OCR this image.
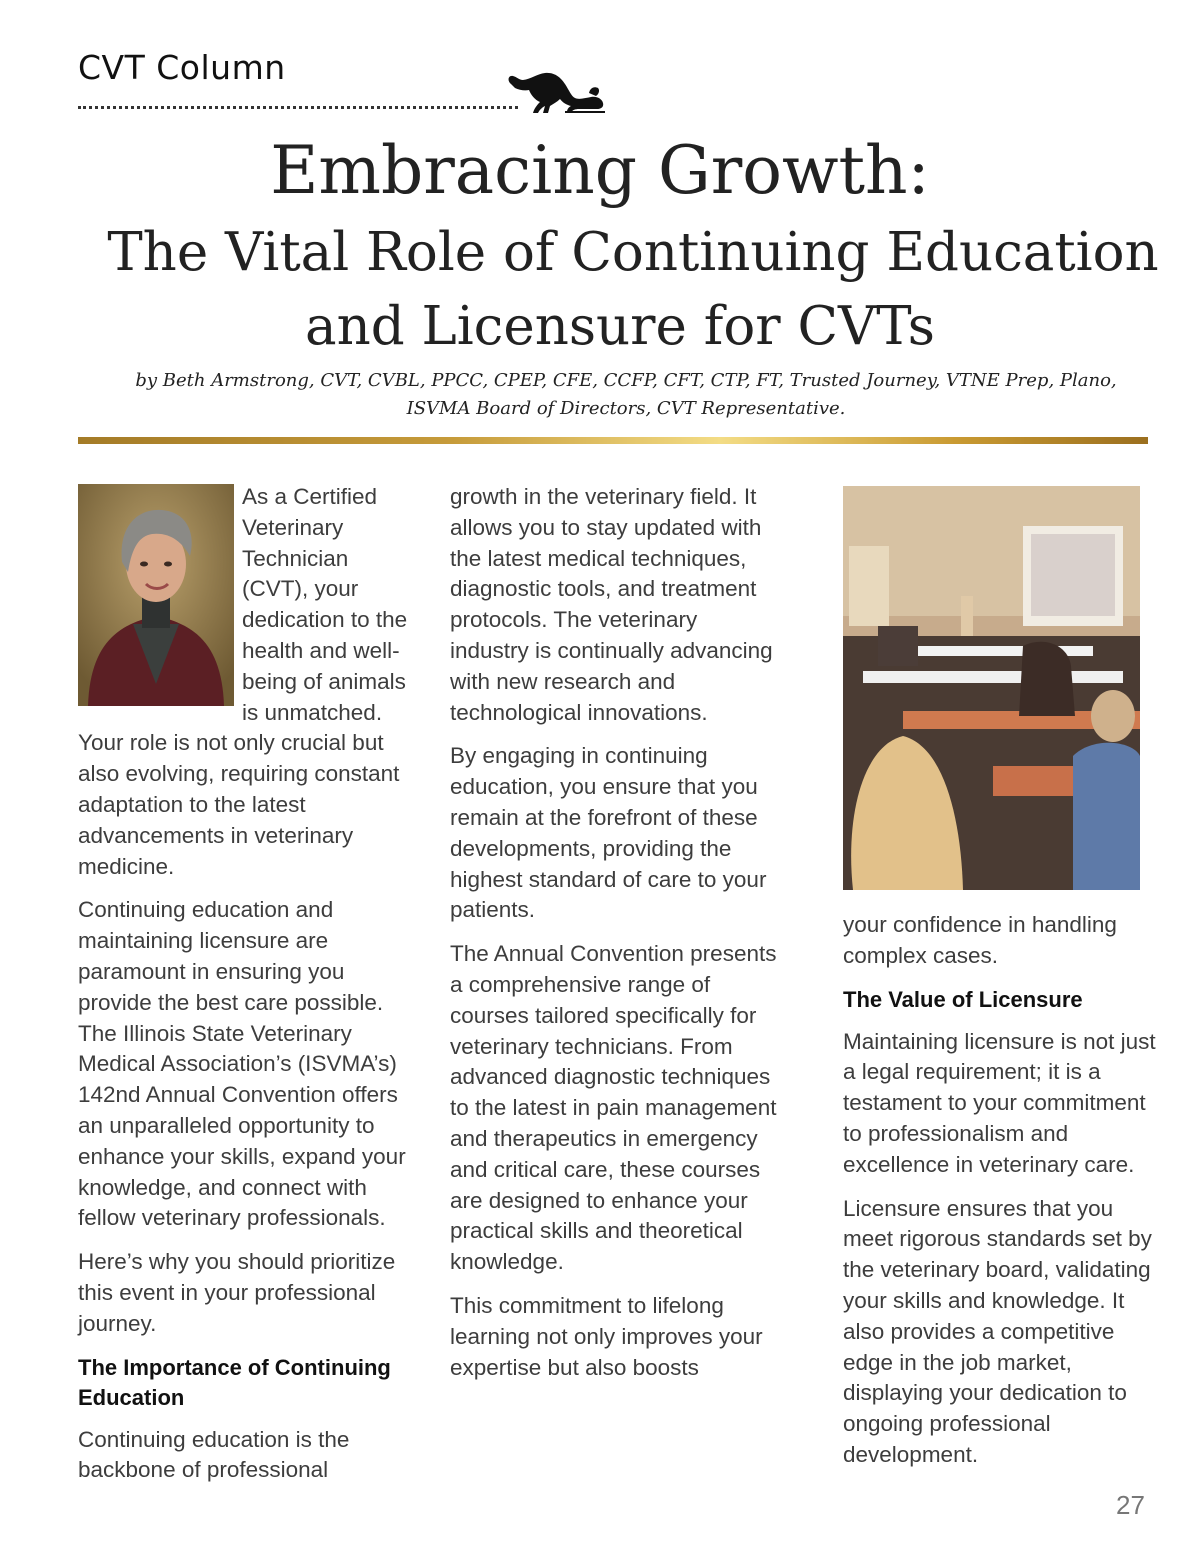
CVT Column
Embracing Growth:
The Vital Role of Continuing Education
and Licensure for CVTs
by Beth Armstrong, CVT, CVBL, PPCC, CPEP, CFE, CCFP, CFT, CTP, FT, Trusted Journey, VTNE Prep, Plano,
ISVMA Board of Directors, CVT Representative.

As a Certified Veterinary Technician (CVT), your dedication to the health and well-being of animals is unmatched. Your role is not only crucial but also evolving, requiring constant adaptation to the latest advancements in veterinary medicine.

Continuing education and maintaining licensure are paramount in ensuring you provide the best care possible. The Illinois State Veterinary Medical Association’s (ISVMA’s) 142nd Annual Convention offers an unparalleled opportunity to enhance your skills, expand your knowledge, and connect with fellow veterinary professionals.

Here’s why you should prioritize this event in your professional journey.

The Importance of Continuing Education

Continuing education is the backbone of professional

growth in the veterinary field. It allows you to stay updated with the latest medical techniques, diagnostic tools, and treatment protocols. The veterinary industry is continually advancing with new research and technological innovations.

By engaging in continuing education, you ensure that you remain at the forefront of these developments, providing the highest standard of care to your patients.

The Annual Convention presents a comprehensive range of courses tailored specifically for veterinary technicians. From advanced diagnostic techniques to the latest in pain management and therapeutics in emergency and critical care, these courses are designed to enhance your practical skills and theoretical knowledge.

This commitment to lifelong learning not only improves your expertise but also boosts

your confidence in handling complex cases.

The Value of Licensure

Maintaining licensure is not just a legal requirement; it is a testament to your commitment to professionalism and excellence in veterinary care.

Licensure ensures that you meet rigorous standards set by the veterinary board, validating your skills and knowledge. It also provides a competitive edge in the job market, displaying your dedication to ongoing professional development.

27
